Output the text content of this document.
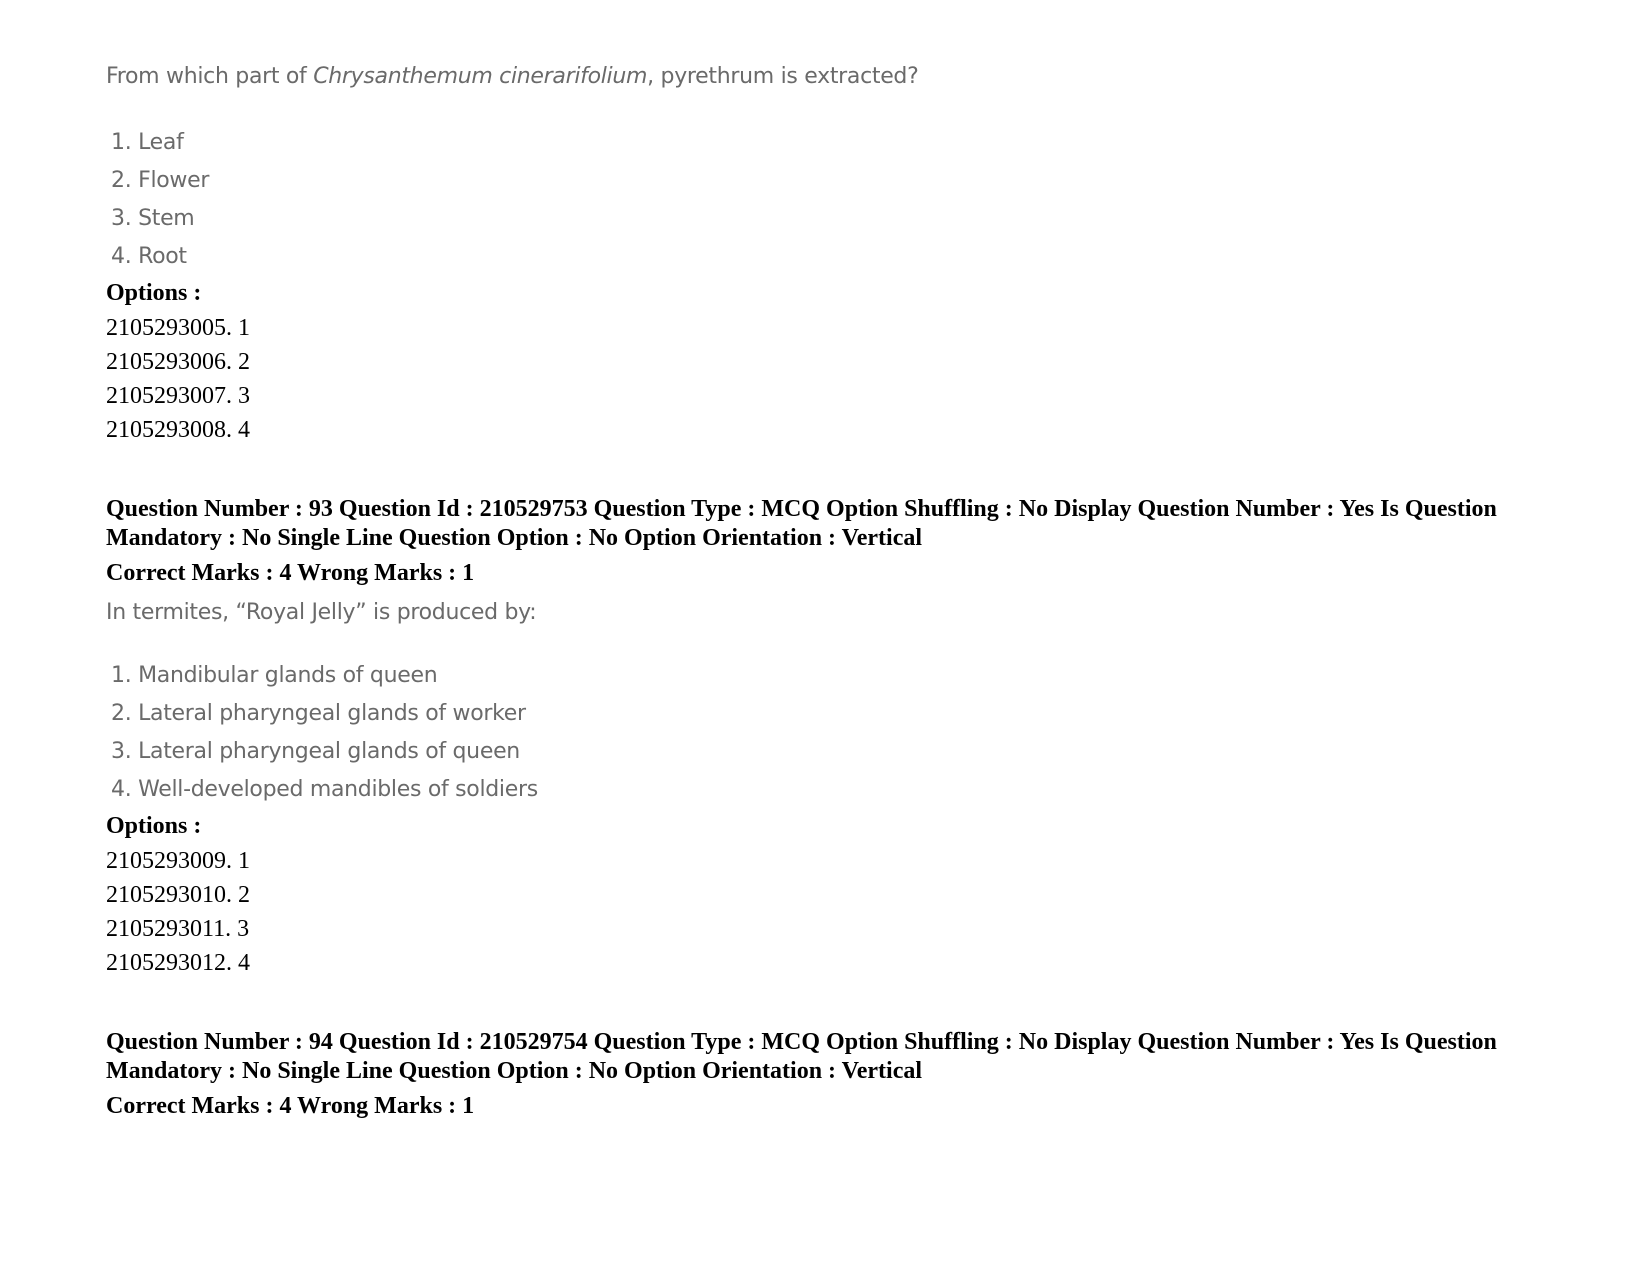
From which part of Chrysanthemum cinerarifolium, pyrethrum is extracted?
1. Leaf
2. Flower
3. Stem
4. Root
Options :
2105293005. 1
2105293006. 2
2105293007. 3
2105293008. 4
Question Number : 93 Question Id : 210529753 Question Type : MCQ Option Shuffling : No Display Question Number : Yes Is Question Mandatory : No Single Line Question Option : No Option Orientation : Vertical
Correct Marks : 4 Wrong Marks : 1
In termites, “Royal Jelly” is produced by:
1. Mandibular glands of queen
2. Lateral pharyngeal glands of worker
3. Lateral pharyngeal glands of queen
4. Well-developed mandibles of soldiers
Options :
2105293009. 1
2105293010. 2
2105293011. 3
2105293012. 4
Question Number : 94 Question Id : 210529754 Question Type : MCQ Option Shuffling : No Display Question Number : Yes Is Question Mandatory : No Single Line Question Option : No Option Orientation : Vertical
Correct Marks : 4 Wrong Marks : 1
